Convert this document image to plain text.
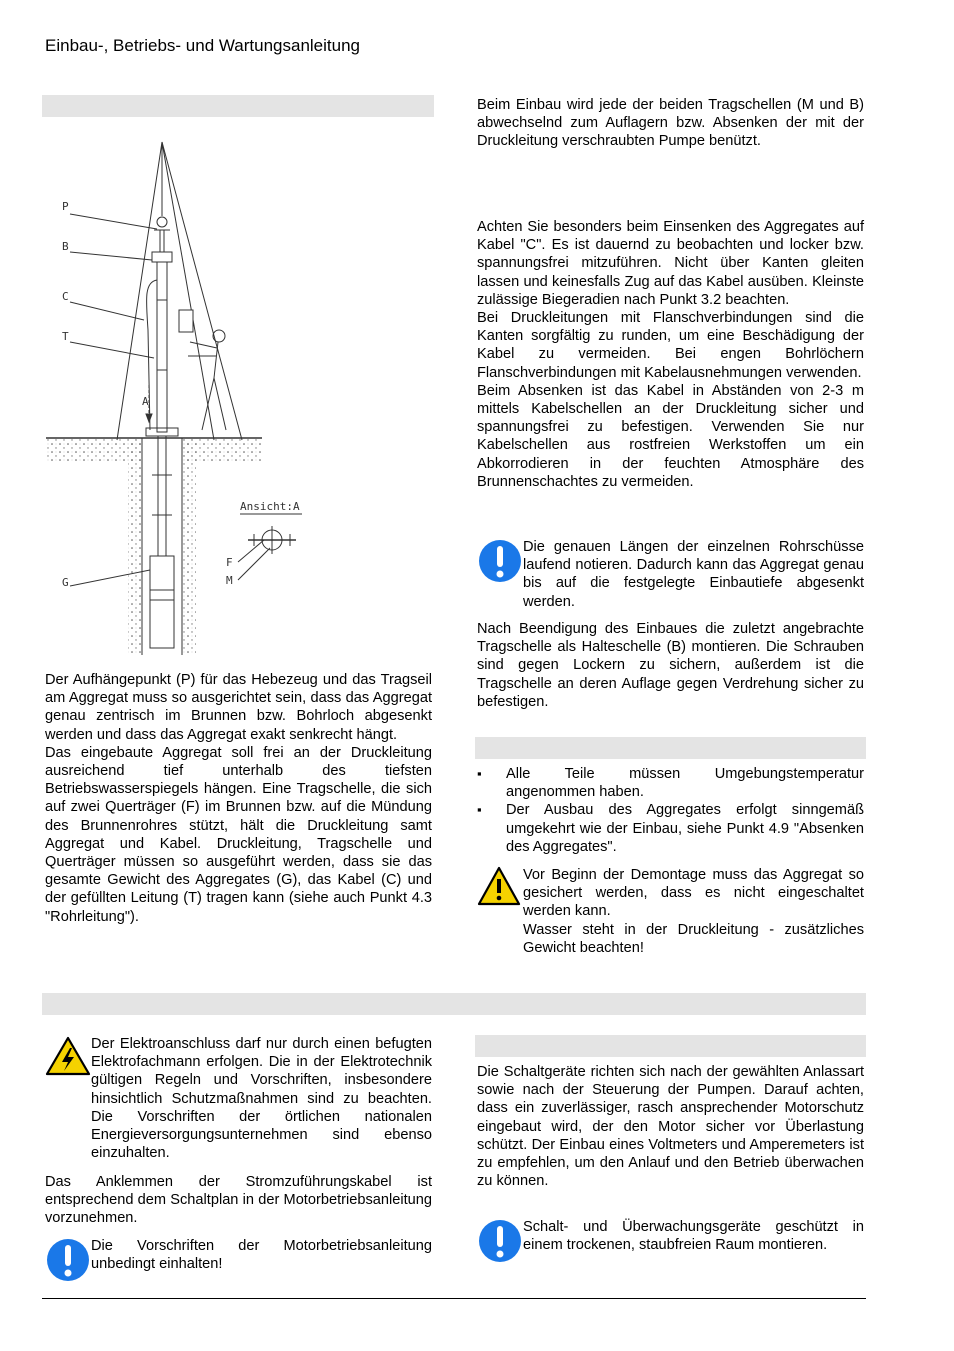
Einbau-, Betriebs- und Wartungsanleitung
P
B
C
T
A
G
F
M
Ansicht:A

Der Aufhängepunkt (P) für das Hebezeug und das Tragseil am Aggregat muss so ausgerichtet sein, dass das Aggregat genau zentrisch im Brunnen bzw. Bohrloch abgesenkt werden und dass das Aggregat exakt senkrecht hängt.

Das eingebaute Aggregat soll frei an der Druckleitung ausreichend tief unterhalb des tiefsten Betriebswasserspiegels hängen. Eine Tragschelle, die sich auf zwei Querträger (F) im Brunnen bzw. auf die Mündung des Brunnenrohres stützt, hält die Druckleitung samt Aggregat und Kabel. Druckleitung, Tragschelle und Querträger müssen so ausgeführt werden, dass sie das gesamte Gewicht des Aggregates (G), das Kabel (C) und der gefüllten Leitung (T) tragen kann (siehe auch Punkt 4.3 "Rohrleitung").

Beim Einbau wird jede der beiden Tragschellen (M und B) abwechselnd zum Auflagern bzw. Absenken der mit der Druckleitung verschraubten Pumpe benützt.

Achten Sie besonders beim Einsenken des Aggregates auf Kabel "C". Es ist dauernd zu beobachten und locker bzw. spannungsfrei mitzuführen. Nicht über Kanten gleiten lassen und keinesfalls Zug auf das Kabel ausüben. Kleinste zulässige Biegeradien nach Punkt 3.2 beachten.

Bei Druckleitungen mit Flanschverbindungen sind die Kanten sorgfältig zu runden, um eine Beschädigung der Kabel zu vermeiden. Bei engen Bohrlöchern Flanschverbindungen mit Kabelausnehmungen verwenden.

Beim Absenken ist das Kabel in Abständen von 2-3 m mittels Kabelschellen an der Druckleitung sicher und spannungsfrei zu befestigen. Verwenden Sie nur Kabelschellen aus rostfreien Werkstoffen um ein Abkorrodieren in der feuchten Atmosphäre des Brunnenschachtes zu vermeiden.

Die genauen Längen der einzelnen Rohrschüsse laufend notieren. Dadurch kann das Aggregat genau bis auf die festgelegte Einbautiefe abgesenkt werden.

Nach Beendigung des Einbaues die zuletzt angebrachte Tragschelle als Halteschelle (B) montieren. Die Schrauben sind gegen Lockern zu sichern, außerdem ist die Tragschelle an deren Auflage gegen Verdrehung sicher zu befestigen.

▪ Alle Teile müssen Umgebungstemperatur angenommen haben.
▪ Der Ausbau des Aggregates erfolgt sinngemäß umgekehrt wie der Einbau, siehe Punkt 4.9 "Absenken des Aggregates".

Vor Beginn der Demontage muss das Aggregat so gesichert werden, dass es nicht eingeschaltet werden kann.

Wasser steht in der Druckleitung - zusätzliches Gewicht beachten!

Der Elektroanschluss darf nur durch einen befugten Elektrofachmann erfolgen. Die in der Elektrotechnik gültigen Regeln und Vorschriften, insbesondere hinsichtlich Schutzmaßnahmen sind zu beachten. Die Vorschriften der örtlichen nationalen Energieversorgungsunternehmen sind ebenso einzuhalten.

Das Anklemmen der Stromzuführungskabel ist entsprechend dem Schaltplan in der Motorbetriebsanleitung vorzunehmen.

Die Vorschriften der Motorbetriebsanleitung unbedingt einhalten!

Die Schaltgeräte richten sich nach der gewählten Anlassart sowie nach der Steuerung der Pumpen. Darauf achten, dass ein zuverlässiger, rasch ansprechender Motorschutz eingebaut wird, der den Motor sicher vor Überlastung schützt. Der Einbau eines Voltmeters und Amperemeters ist zu empfehlen, um den Anlauf und den Betrieb überwachen zu können.

Schalt- und Überwachungsgeräte geschützt in einem trockenen, staubfreien Raum montieren.
